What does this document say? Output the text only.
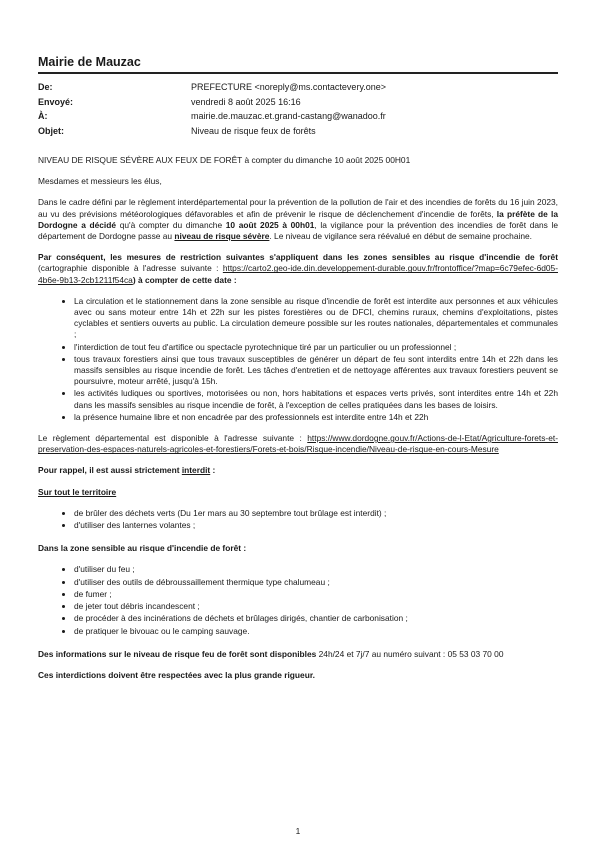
Mairie de Mauzac
De:	PREFECTURE <noreply@ms.contactevery.one>
Envoyé:	vendredi 8 août 2025 16:16
À:	mairie.de.mauzac.et.grand-castang@wanadoo.fr
Objet:	Niveau de risque feux de forêts

NIVEAU DE RISQUE SÉVÈRE AUX FEUX DE FORÊT à compter du dimanche 10 août 2025 00H01

Mesdames et messieurs les élus,

Dans le cadre défini par le règlement interdépartemental pour la prévention de la pollution de l'air et des incendies de forêts du 16 juin 2023, au vu des prévisions météorologiques défavorables et afin de prévenir le risque de déclenchement d'incendie de forêts, la préfète de la Dordogne a décidé qu'à compter du dimanche 10 août 2025 à 00h01, la vigilance pour la prévention des incendies de forêt dans le département de Dordogne passe au niveau de risque sévère. Le niveau de vigilance sera réévalué en début de semaine prochaine.

Par conséquent, les mesures de restriction suivantes s'appliquent dans les zones sensibles au risque d'incendie de forêt (cartographie disponible à l'adresse suivante : https://carto2.geo-ide.din.developpement-durable.gouv.fr/frontoffice/?map=6c79efec-6d05-4b6e-9b13-2cb1211f54ca) à compter de cette date :

• La circulation et le stationnement dans la zone sensible au risque d'incendie de forêt est interdite aux personnes et aux véhicules avec ou sans moteur entre 14h et 22h sur les pistes forestières ou de DFCI, chemins ruraux, chemins d'exploitations, pistes cyclables et sentiers ouverts au public. La circulation demeure possible sur les routes nationales, départementales et communales ;
• l'interdiction de tout feu d'artifice ou spectacle pyrotechnique tiré par un particulier ou un professionnel ;
• tous travaux forestiers ainsi que tous travaux susceptibles de générer un départ de feu sont interdits entre 14h et 22h dans les massifs sensibles au risque incendie de forêt. Les tâches d'entretien et de nettoyage afférentes aux travaux forestiers peuvent se poursuivre, moteur arrêté, jusqu'à 15h.
• les activités ludiques ou sportives, motorisées ou non, hors habitations et espaces verts privés, sont interdites entre 14h et 22h dans les massifs sensibles au risque incendie de forêt, à l'exception de celles pratiquées dans les bases de loisirs.
• la présence humaine libre et non encadrée par des professionnels est interdite entre 14h et 22h

Le règlement départemental est disponible à l'adresse suivante : https://www.dordogne.gouv.fr/Actions-de-l-Etat/Agriculture-forets-et-preservation-des-espaces-naturels-agricoles-et-forestiers/Forets-et-bois/Risque-incendie/Niveau-de-risque-en-cours-Mesure

Pour rappel, il est aussi strictement interdit :

Sur tout le territoire

• de brûler des déchets verts (Du 1er mars au 30 septembre tout brûlage est interdit) ;
• d'utiliser des lanternes volantes ;

Dans la zone sensible au risque d'incendie de forêt :

• d'utiliser du feu ;
• d'utiliser des outils de débroussaillement thermique type chalumeau ;
• de fumer ;
• de jeter tout débris incandescent ;
• de procéder à des incinérations de déchets et brûlages dirigés, chantier de carbonisation ;
• de pratiquer le bivouac ou le camping sauvage.

Des informations sur le niveau de risque feu de forêt sont disponibles 24h/24 et 7j/7 au numéro suivant : 05 53 03 70 00

Ces interdictions doivent être respectées avec la plus grande rigueur.

1
